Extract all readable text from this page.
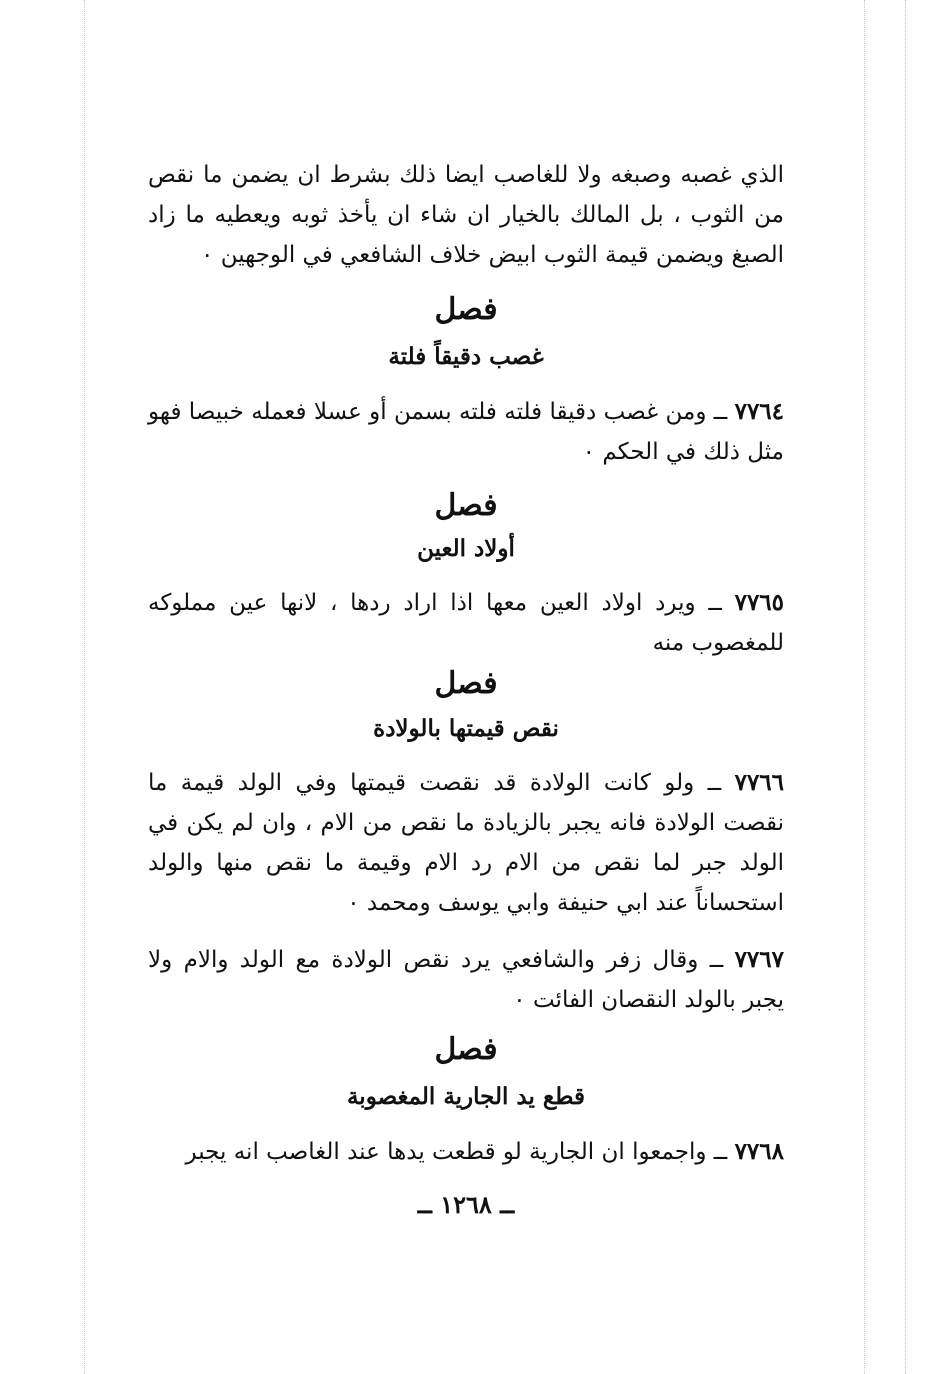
الذي غصبه وصبغه ولا للغاصب ايضا ذلك بشرط ان يضمن ما نقص من الثوب ، بل المالك بالخيار ان شاء ان يأخذ ثوبه ويعطيه ما زاد الصبغ ويضمن قيمة الثوب ابيض خلاف الشافعي في الوجهين ٠

فصل
غصب دقيقاً فلتة

٧٧٦٤ ــ ومن غصب دقيقا فلته فلته بسمن أو عسلا فعمله خبيصا فهو مثل ذلك في الحكم ٠

فصل
أولاد العين

٧٧٦٥ ــ ويرد اولاد العين معها اذا اراد ردها ، لانها عين مملوكه للمغصوب منه

فصل
نقص قيمتها بالولادة

٧٧٦٦ ــ ولو كانت الولادة قد نقصت قيمتها وفي الولد قيمة ما نقصت الولادة فانه يجبر بالزيادة ما نقص من الام ، وان لم يكن في الولد جبر لما نقص من الام رد الام وقيمة ما نقص منها والولد استحساناً عند ابي حنيفة وابي يوسف ومحمد ٠

٧٧٦٧ ــ وقال زفر والشافعي يرد نقص الولادة مع الولد والام ولا يجبر بالولد النقصان الفائت ٠

فصل
قطع يد الجارية المغصوبة

٧٧٦٨ ــ واجمعوا ان الجارية لو قطعت يدها عند الغاصب انه يجبر

ــ ١٢٦٨ ــ
